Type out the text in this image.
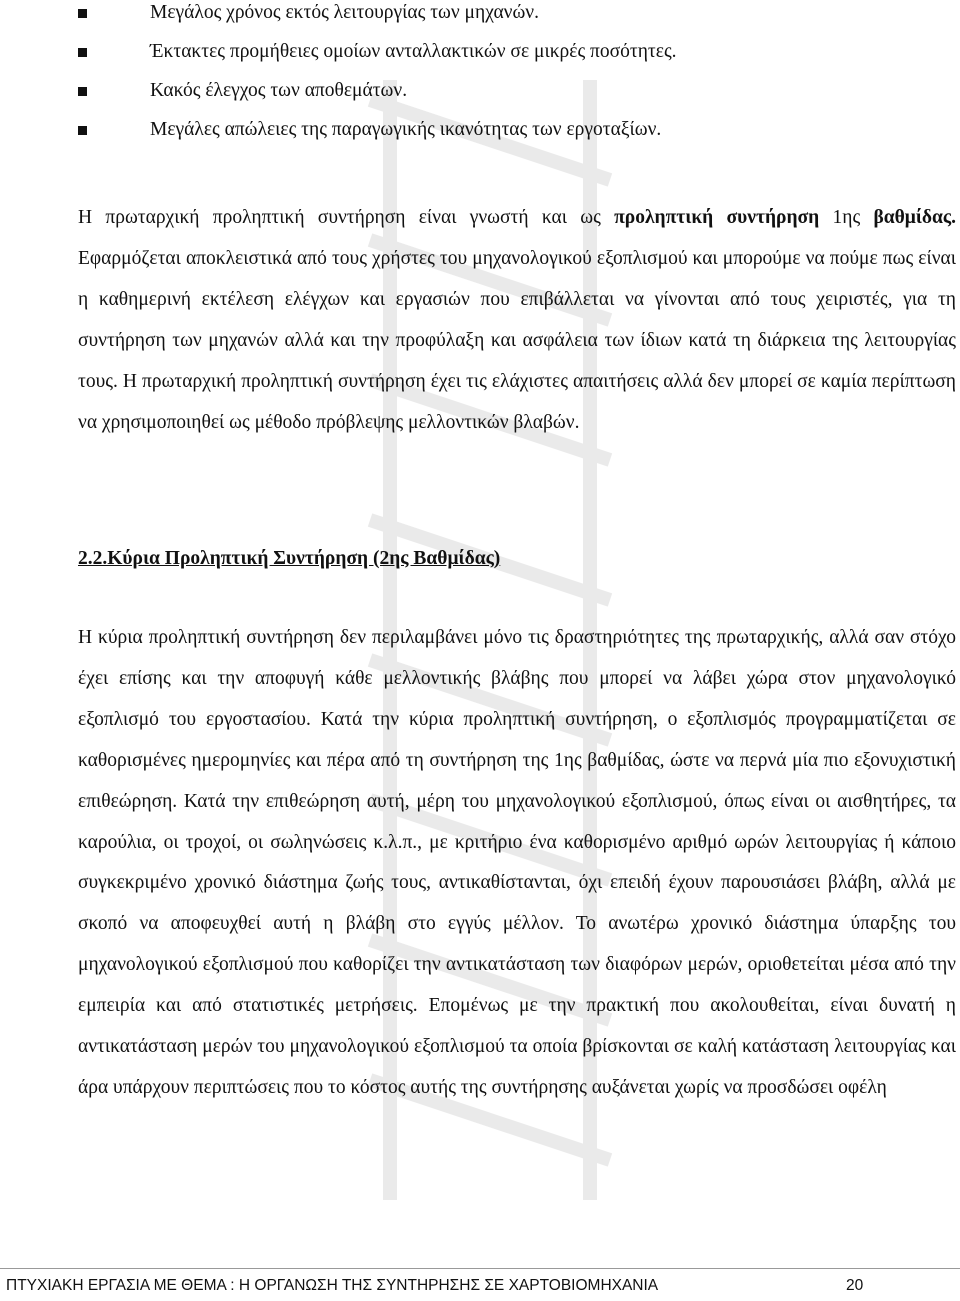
Μεγάλος χρόνος εκτός λειτουργίας των μηχανών.
Έκτακτες προμήθειες ομοίων ανταλλακτικών σε μικρές ποσότητες.
Κακός έλεγχος των αποθεμάτων.
Μεγάλες απώλειες της παραγωγικής ικανότητας των εργοταξίων.

Η πρωταρχική προληπτική συντήρηση είναι γνωστή και ως προληπτική συντήρηση 1ης βαθμίδας. Εφαρμόζεται αποκλειστικά από τους χρήστες του μηχανολογικού εξοπλισμού και μπορούμε να πούμε πως είναι η καθημερινή εκτέλεση ελέγχων και εργασιών που επιβάλλεται να γίνονται από τους χειριστές, για τη συντήρηση των μηχανών αλλά και την προφύλαξη και ασφάλεια των ίδιων κατά τη διάρκεια της λειτουργίας τους. Η πρωταρχική προληπτική συντήρηση έχει τις ελάχιστες απαιτήσεις αλλά δεν μπορεί σε καμία περίπτωση να χρησιμοποιηθεί ως μέθοδο πρόβλεψης μελλοντικών βλαβών.

2.2.Κύρια Προληπτική Συντήρηση (2ης Βαθμίδας)

Η κύρια προληπτική συντήρηση δεν περιλαμβάνει μόνο τις δραστηριότητες της πρωταρχικής, αλλά σαν στόχο έχει επίσης και την αποφυγή κάθε μελλοντικής βλάβης που μπορεί να λάβει χώρα στον μηχανολογικό εξοπλισμό του εργοστασίου. Κατά την κύρια προληπτική συντήρηση, ο εξοπλισμός προγραμματίζεται σε καθορισμένες ημερομηνίες και πέρα από τη συντήρηση της 1ης βαθμίδας, ώστε να περνά μία πιο εξονυχιστική επιθεώρηση. Κατά την επιθεώρηση αυτή, μέρη του μηχανολογικού εξοπλισμού, όπως είναι οι αισθητήρες, τα καρούλια, οι τροχοί, οι σωληνώσεις κ.λ.π., με κριτήριο ένα καθορισμένο αριθμό ωρών λειτουργίας ή κάποιο συγκεκριμένο χρονικό διάστημα ζωής τους, αντικαθίστανται, όχι επειδή έχουν παρουσιάσει βλάβη, αλλά με σκοπό να αποφευχθεί αυτή η βλάβη στο εγγύς μέλλον. Το ανωτέρω χρονικό διάστημα ύπαρξης του μηχανολογικού εξοπλισμού που καθορίζει την αντικατάσταση των διαφόρων μερών, οριοθετείται μέσα από την εμπειρία και από στατιστικές μετρήσεις. Επομένως με την πρακτική που ακολουθείται, είναι δυνατή η αντικατάσταση μερών του μηχανολογικού εξοπλισμού τα οποία βρίσκονται σε καλή κατάσταση λειτουργίας και άρα υπάρχουν περιπτώσεις που το κόστος αυτής της συντήρησης αυξάνεται χωρίς να προσδώσει οφέλη

ΠΤΥΧΙΑΚΗ ΕΡΓΑΣΙΑ ΜΕ ΘΕΜΑ : Η ΟΡΓΑΝΩΣΗ ΤΗΣ ΣΥΝΤΗΡΗΣΗΣ ΣΕ ΧΑΡΤΟΒΙΟΜΗΧΑΝΙΑ	20
